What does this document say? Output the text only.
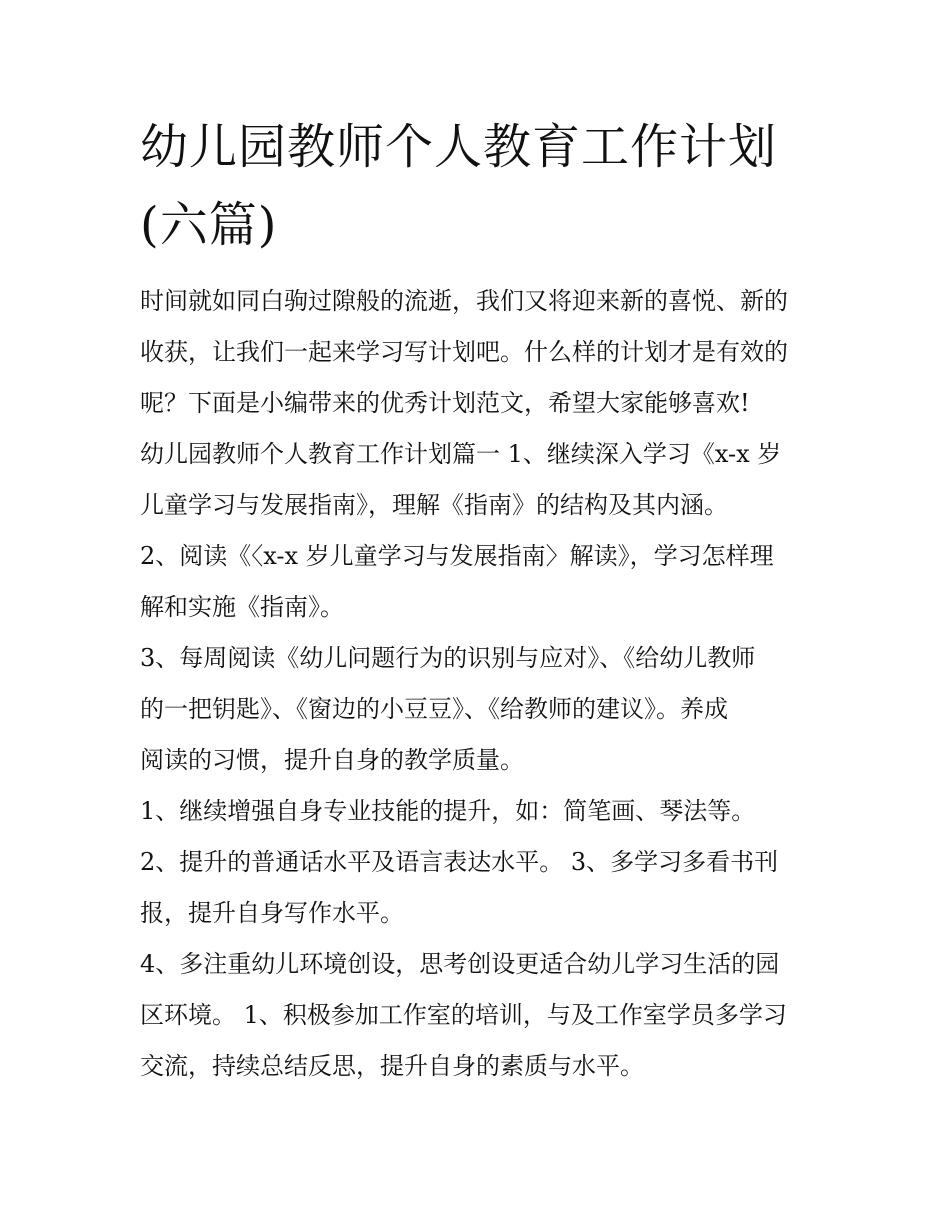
幼儿园教师个人教育工作计划
(六篇)
时间就如同白驹过隙般的流逝，我们又将迎来新的喜悦、新的
收获，让我们一起来学习写计划吧。什么样的计划才是有效的
呢？下面是小编带来的优秀计划范文，希望大家能够喜欢!
幼儿园教师个人教育工作计划篇一 1、继续深入学习《x-x 岁
儿童学习与发展指南》，理解《指南》的结构及其内涵。
2、阅读《〈x-x 岁儿童学习与发展指南〉解读》，学习怎样理
解和实施《指南》。
3、每周阅读《幼儿问题行为的识别与应对》、《给幼儿教师
的一把钥匙》、《窗边的小豆豆》、《给教师的建议》。养成
阅读的习惯，提升自身的教学质量。
1、继续增强自身专业技能的提升，如：简笔画、琴法等。
2、提升的普通话水平及语言表达水平。 3、多学习多看书刊
报，提升自身写作水平。
4、多注重幼儿环境创设，思考创设更适合幼儿学习生活的园
区环境。 1、积极参加工作室的培训，与及工作室学员多学习
交流，持续总结反思，提升自身的素质与水平。
